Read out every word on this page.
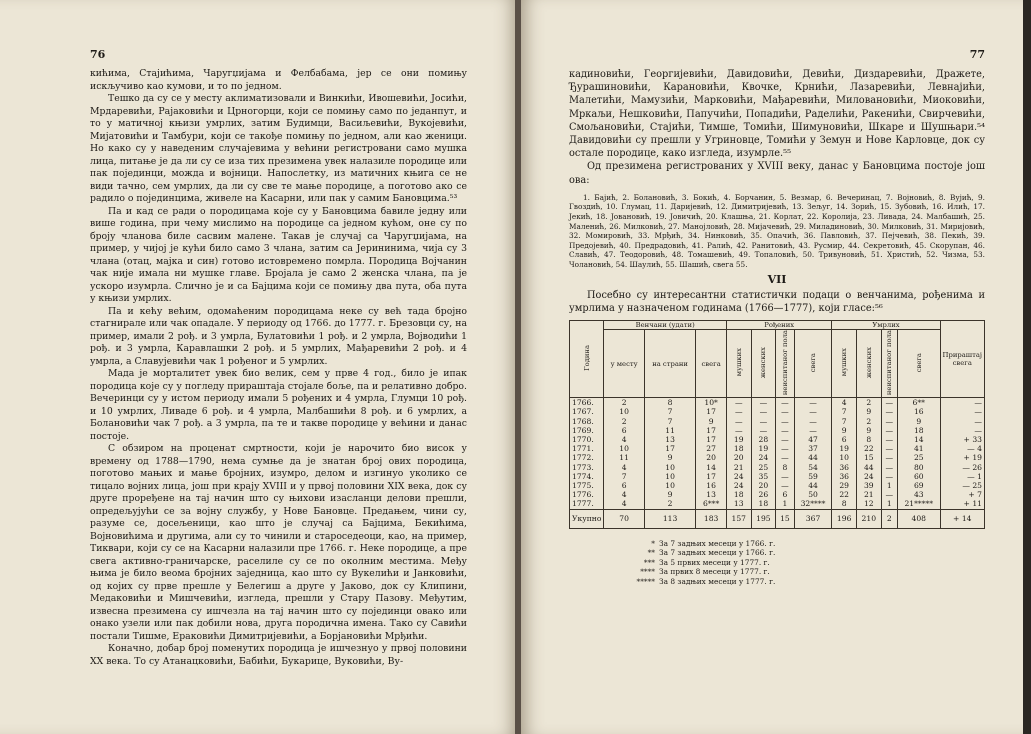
76

кићима, Стајићима, Чаругџијама и Фелбабама, јер се они помињу искључиво као кумови, и то по једном.

Тешко да су се у месту аклиматизовали и Винкићи, Ивошевићи, Јосићи, Мрдаревићи, Рајаковићи и Црногорци, који се помињу само по једанпут, и то у матичној књизи умрлих, затим Будимци, Васиљевићи, Вукојевићи, Мијатовићи и Тамбури, који се такође помињу по једном, али као женици. Но како су у наведеним случајевима у већини регистровани само мушка лица, питање је да ли су се иза тих презимена увек налазиле породице или пак појединци, можда и војници. Напослетку, из матичних књига се не види тачно, сем умрлих, да ли су све те мање породице, а поготово ако се радило о појединцима, живеле на Касарни, или пак у самим Бановцима.⁵³

Па и кад се ради о породицама које су у Бановцима бавиле једну или више година, при чему мислимо на породице са једном кућом, оне су по броју чланова биле сасвим малене. Такав је случај са Чаругџијама, на пример, у чијој је кући било само 3 члана, затим са Јерининима, чија су 3 члана (отац, мајка и син) готово истовремено помрла. Породица Војчанин чак није имала ни мушке главе. Бројала је само 2 женска члана, па је ускоро изумрла. Слично је и са Бајцима који се помињу два пута, оба пута у књизи умрлих.

Па и кећу већим, одомаћеним породицама неке су већ тада бројно стагнирале или чак опадале. У периоду од 1766. до 1777. г. Брезовци су, на пример, имали 2 рођ. и 3 умрла, Булатовићи 1 рођ. и 2 умрла, Војводићи 1 рођ. и 3 умрла, Каравлашки 2 рођ. и 5 умрлих, Мађаревићи 2 рођ. и 4 умрла, а Славујевићи чак 1 рођеног и 5 умрлих.

Мада је морталитет увек био велик, сем у прве 4 год., било је ипак породица које су у погледу прираштаја стојале боље, па и релативно добро. Вечеринци су у истом периоду имали 5 рођених и 4 умрла, Глумци 10 рођ. и 10 умрлих, Ливаде 6 рођ. и 4 умрла, Малбашићи 8 рођ. и 6 умрлих, а Болановићи чак 7 рођ. а 3 умрла, па те и такве породице у већини и данас постоје.

С обзиром на проценат смртности, који је нарочито био висок у времену од 1788—1790, нема сумње да је знатан број ових породица, поготово мањих и мање бројних, изумро, делом и изгинуо уколико се тицало војних лица, још при крају XVIII и у првој половини XIX века, док су друге проређене на тај начин што су њихови изасланци делови прешли, опредељујући се за војну службу, у Нове Бановце. Предањем, чини су, разуме се, досељеници, као што је случај са Бајцима, Бекићима, Војновићима и другима, али су то чинили и староседеоци, као, на пример, Тиквари, који су се на Касарни налазили пре 1766. г. Неке породице, а пре свега активно-граничарске, раселиле су се по околним местима. Међу њима је било веома бројних заједница, као што су Вукелићи и Јанковићи, од којих су прве прешле у Белегиш а друге у Јаково, док су Клипини, Медаковићи и Мишчевићи, изгледа, прешли у Стару Пазову. Међутим, извесна презимена су ишчезла на тај начин што су појединци овако или онако узели или пак добили нова, друга породична имена. Тако су Савићи постали Тишме, Ераковићи Димитријевићи, а Борјановићи Мрђићи.

Коначно, добар број поменутих породица је ишчезнуо у првој половини XX века. То су Атанацковићи, Бабићи, Букарице, Вуковићи, Ву-

77

кадиновићи, Георгијевићи, Давидовићи, Девићи, Диздаревићи, Дражете, Ђурашиновићи, Карановићи, Квочке, Крнићи, Лазаревићи, Левнајићи, Малетићи, Мамузићи, Марковићи, Мађаревићи, Миловановићи, Миоковићи, Мркаљи, Нешковићи, Папучићи, Попадићи, Раделићи, Ракенићи, Свирчевићи, Смољановићи, Стајићи, Тимше, Томићи, Шимуновићи, Шкаре и Шушњари.⁵⁴ Давидовићи су прешли у Угриновце, Томићи у Земун и Нове Карловце, док су остале породице, како изгледа, изумрле.⁵⁵

Од презимена регистрованих у XVIII веку, данас у Бановцима постоје још ова:

1. Бајић, 2. Болановић, 3. Бокић, 4. Борчанин, 5. Везмар, 6. Вечеринац, 7. Војновић, 8. Вујић, 9. Гвоздић, 10. Глумац, 11. Даријевић, 12. Димитријевић, 13. Зељуг, 14. Зорић, 15. Зубовић, 16. Илић, 17. Јекић, 18. Јовановић, 19. Јовичић, 20. Клашња, 21. Корлат, 22. Королија, 23. Ливада, 24. Малбашић, 25. Маленић, 26. Милковић, 27. Манојловић, 28. Мијачевић, 29. Миладиновић, 30. Милковић, 31. Миријовић, 32. Момировић, 33. Мрђић, 34. Нинковић, 35. Опачић, 36. Павловић, 37. Пејчевић, 38. Пекић, 39. Предојевић, 40. Предрадовић, 41. Ралић, 42. Ранитовић, 43. Русмир, 44. Секретовић, 45. Скорупан, 46. Славић, 47. Теодоровић, 48. Томашевић, 49. Топаловић, 50. Тривуновић, 51. Христић, 52. Чизма, 53. Чолановић, 54. Шаулић, 55. Шашић, свега 55.

VII

Посебно су интересантни статистички подаци о венчанима, рођенима и умрлима у назначеном годинама (1766—1777), који гласе:⁵⁶

Година	Венчани (удати)			Рођених				Умрлих				Прираштај свега
	у месту	на страни	свега	мушких	женских	неиспитаног пола	свега	мушких	женских	неиспитаног пола	свега	
1766.	2	8	10*	—	—	—	—	4	2	—	6**	—
1767.	10	7	17	—	—	—	—	7	9	—	16	—
1768.	2	7	9	—	—	—	—	7	2	—	9	—
1769.	6	11	17	—	—	—	—	9	9	—	18	—
1770.	4	13	17	19	28	—	47	6	8	—	14	+ 33
1771.	10	17	27	18	19	—	37	19	22	—	41	— 4
1772.	11	9	20	20	24	—	44	10	15	—	25	+ 19
1773.	4	10	14	21	25	8	54	36	44	—	80	— 26
1774.	7	10	17	24	35	—	59	36	24	—	60	— 1
1775.	6	10	16	24	20	—	44	29	39	1	69	— 25
1776.	4	9	13	18	26	6	50	22	21	—	43	+ 7

1777.	4	2	6***	13	18	1	32****	8	12	1	21*****	+ 11
Укупно	70	113	183	157	195	15	367	196	210	2	408	+ 14
* За 7 задњих месеци у 1766. г.
** За 7 задњих месеци у 1766. г.
*** За 5 првих месеци у 1777. г.
**** За првих 8 месеци у 1777. г.
***** За 8 задњих месеци у 1777. г.
